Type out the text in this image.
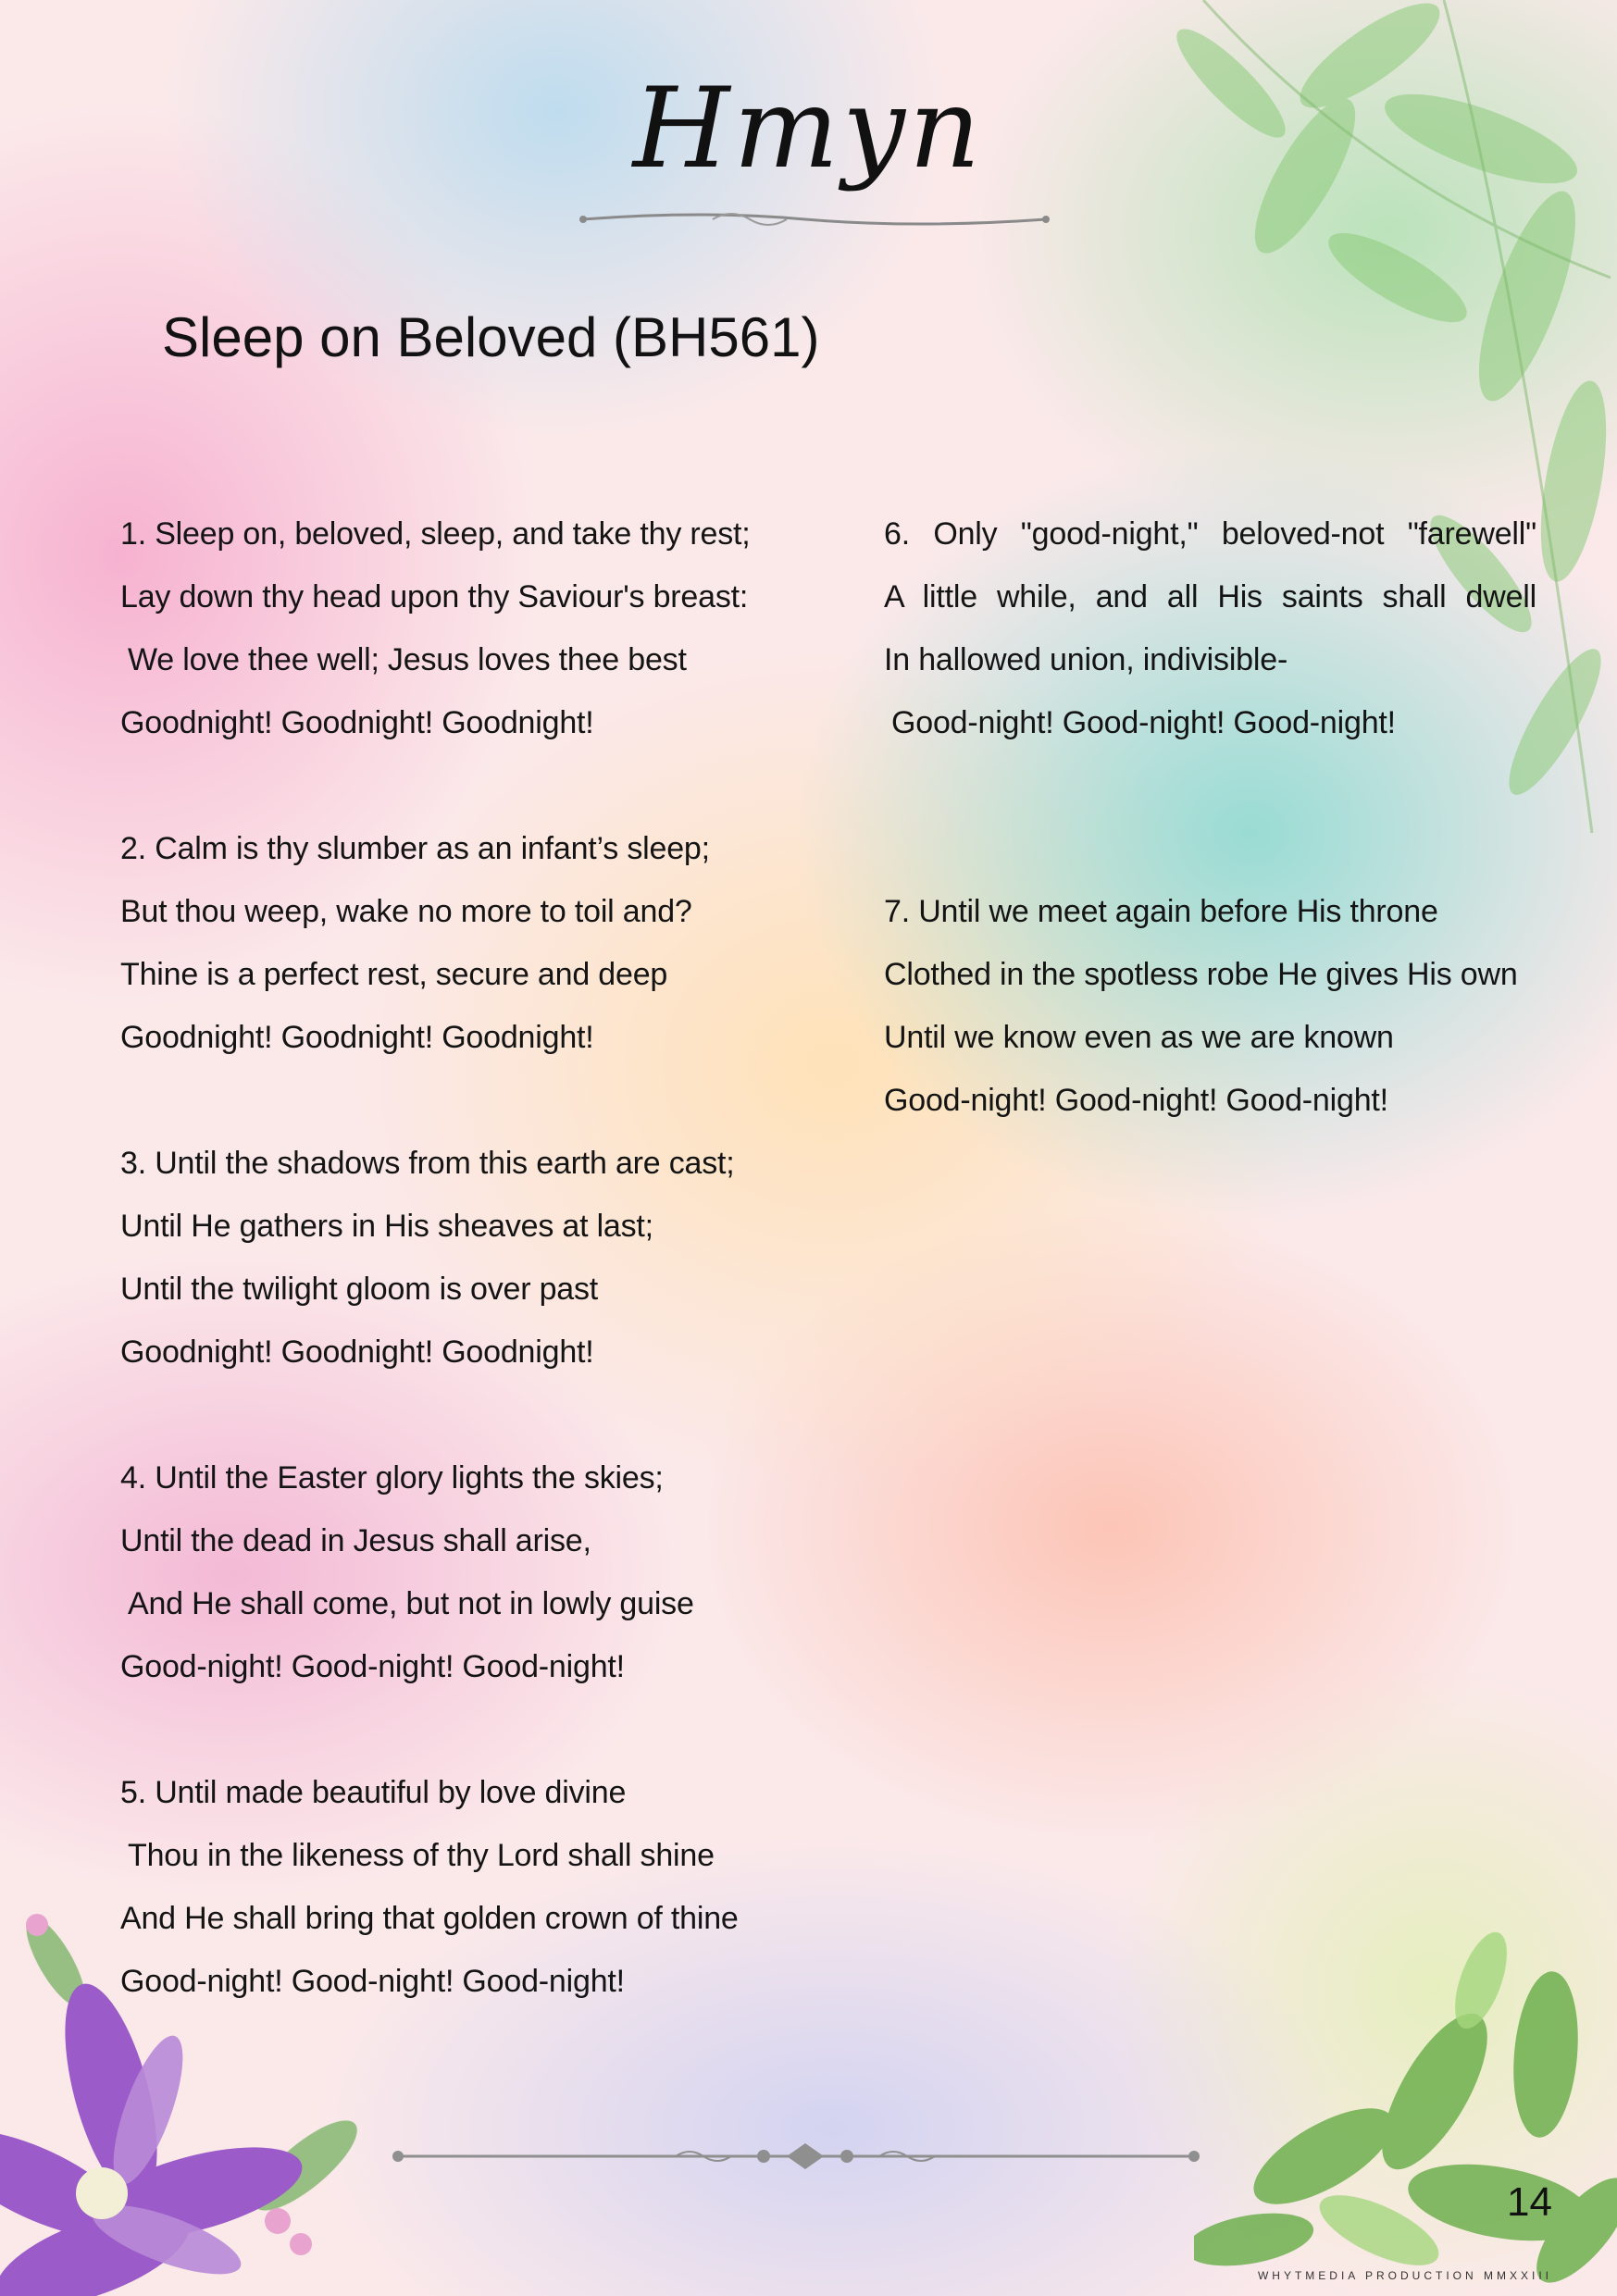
Hmyn
Sleep on Beloved (BH561)
1. Sleep on, beloved, sleep, and take thy rest;
Lay down thy head upon thy Saviour's breast:
We love thee well; Jesus loves thee best
Goodnight! Goodnight! Goodnight!
2. Calm is thy slumber as an infant’s sleep;
But thou weep, wake no more to toil and?
Thine is a perfect rest, secure and deep
Goodnight! Goodnight! Goodnight!
3. Until the shadows from this earth are cast;
Until He gathers in His sheaves at last;
Until the twilight gloom is over past
Goodnight! Goodnight! Goodnight!
4. Until the Easter glory lights the skies;
Until the dead in Jesus shall arise,
And He shall come, but not in lowly guise
Good-night! Good-night! Good-night!
5. Until made beautiful by love divine
Thou in the likeness of thy Lord shall shine
And He shall bring that golden crown of thine
Good-night! Good-night! Good-night!
6. Only "good-night," beloved-not "farewell"
A little while, and all His saints shall dwell
In hallowed union, indivisible-
Good-night! Good-night! Good-night!
7. Until we meet again before His throne
Clothed in the spotless robe He gives His own
Until we know even as we are known
Good-night! Good-night! Good-night!
14
WHYTMEDIA PRODUCTION MMXXIII
